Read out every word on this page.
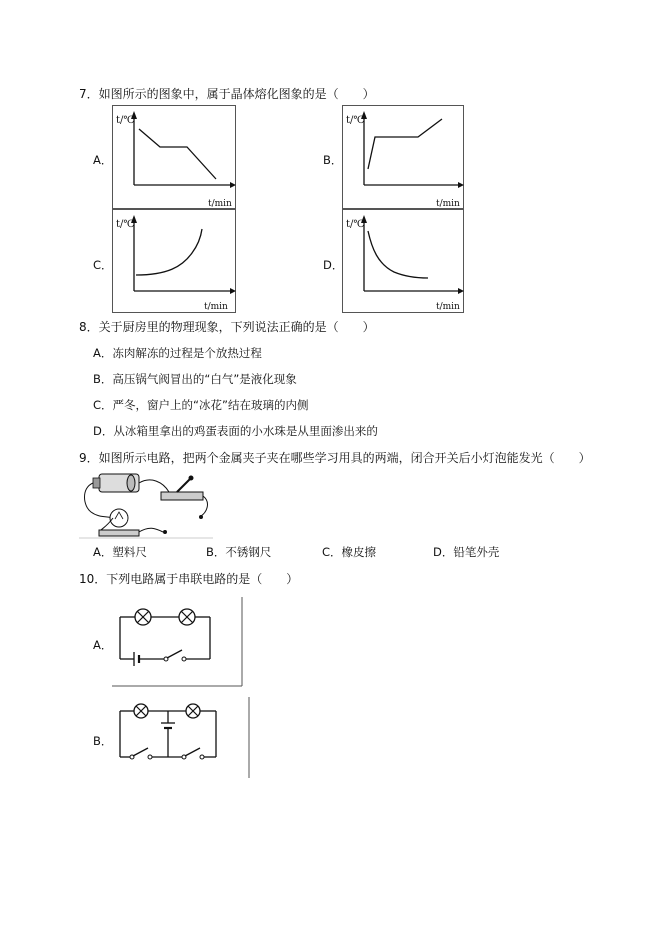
7．如图所示的图象中，属于晶体熔化图象的是（　　）
A．
t/℃
t/min
B．
t/℃
t/min
C．
t/℃
t/min
D．
t/℃
t/min
8．关于厨房里的物理现象，下列说法正确的是（　　）
A．冻肉解冻的过程是个放热过程
B．高压锅气阀冒出的“白气”是液化现象
C．严冬，窗户上的“冰花”结在玻璃的内侧
D．从冰箱里拿出的鸡蛋表面的小水珠是从里面渗出来的
9．如图所示电路，把两个金属夹子夹在哪些学习用具的两端，闭合开关后小灯泡能发光（　　）
A．塑料尺	B．不锈钢尺	C．橡皮擦	D．铅笔外壳
10．下列电路属于串联电路的是（　　）
A．
B．
